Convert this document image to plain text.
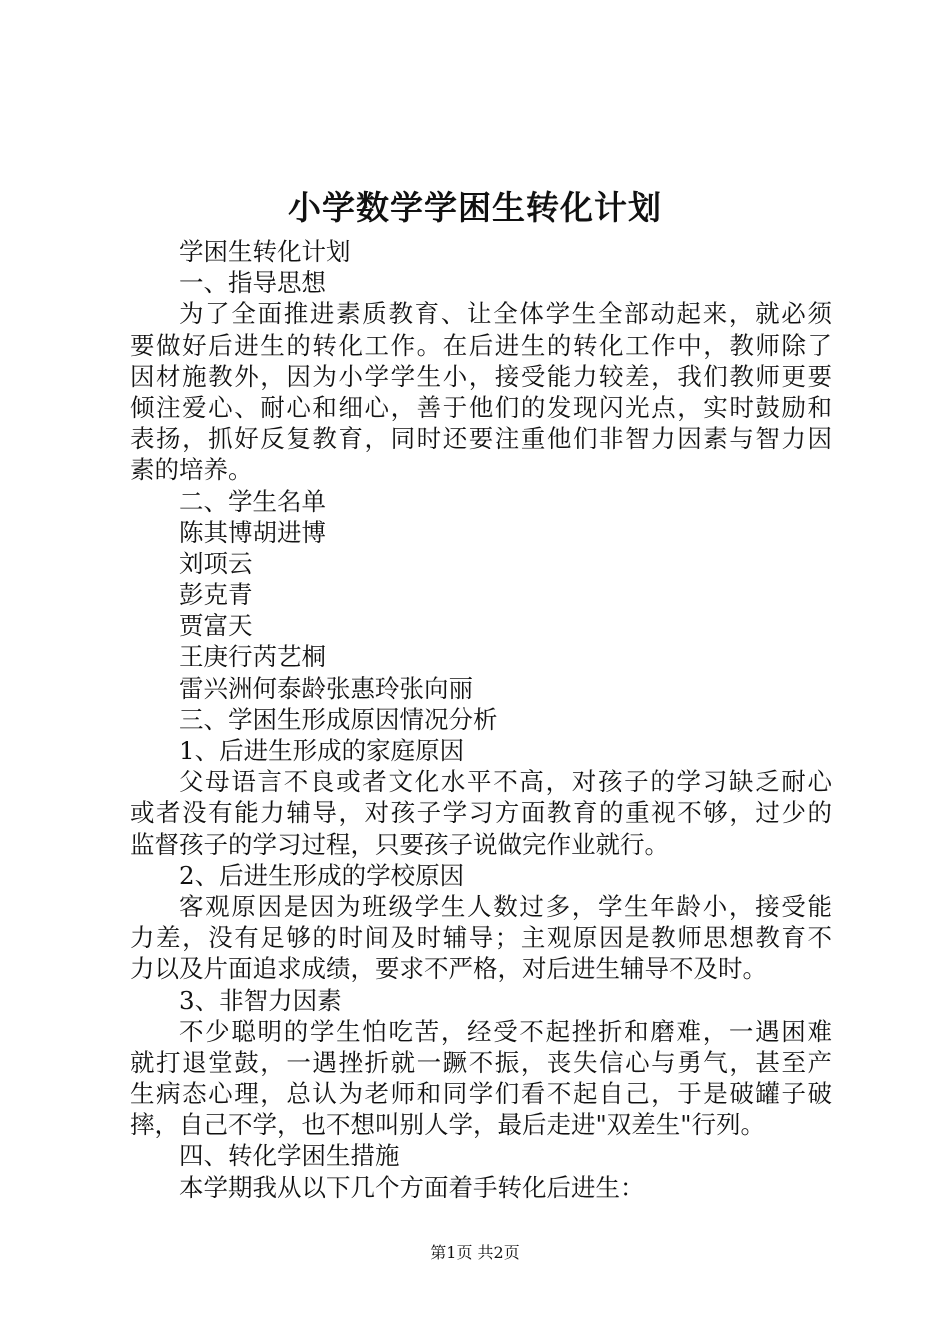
小学数学学困生转化计划
学困生转化计划
一、指导思想
为了全面推进素质教育、让全体学生全部动起来，就必须
要做好后进生的转化工作。在后进生的转化工作中，教师除了
因材施教外，因为小学学生小，接受能力较差，我们教师更要
倾注爱心、耐心和细心，善于他们的发现闪光点，实时鼓励和
表扬，抓好反复教育，同时还要注重他们非智力因素与智力因
素的培养。
二、学生名单
陈其博胡进博
刘项云
彭克青
贾富天
王庚行芮艺桐
雷兴洲何泰龄张惠玲张向丽
三、学困生形成原因情况分析
1、后进生形成的家庭原因
父母语言不良或者文化水平不高，对孩子的学习缺乏耐心
或者没有能力辅导，对孩子学习方面教育的重视不够，过少的
监督孩子的学习过程，只要孩子说做完作业就行。
2、后进生形成的学校原因
客观原因是因为班级学生人数过多，学生年龄小，接受能
力差，没有足够的时间及时辅导；主观原因是教师思想教育不
力以及片面追求成绩，要求不严格，对后进生辅导不及时。
3、非智力因素
不少聪明的学生怕吃苦，经受不起挫折和磨难，一遇困难
就打退堂鼓，一遇挫折就一蹶不振，丧失信心与勇气，甚至产
生病态心理，总认为老师和同学们看不起自己，于是破罐子破
摔，自己不学，也不想叫别人学，最后走进"双差生"行列。
四、转化学困生措施
本学期我从以下几个方面着手转化后进生：
第1页 共2页
